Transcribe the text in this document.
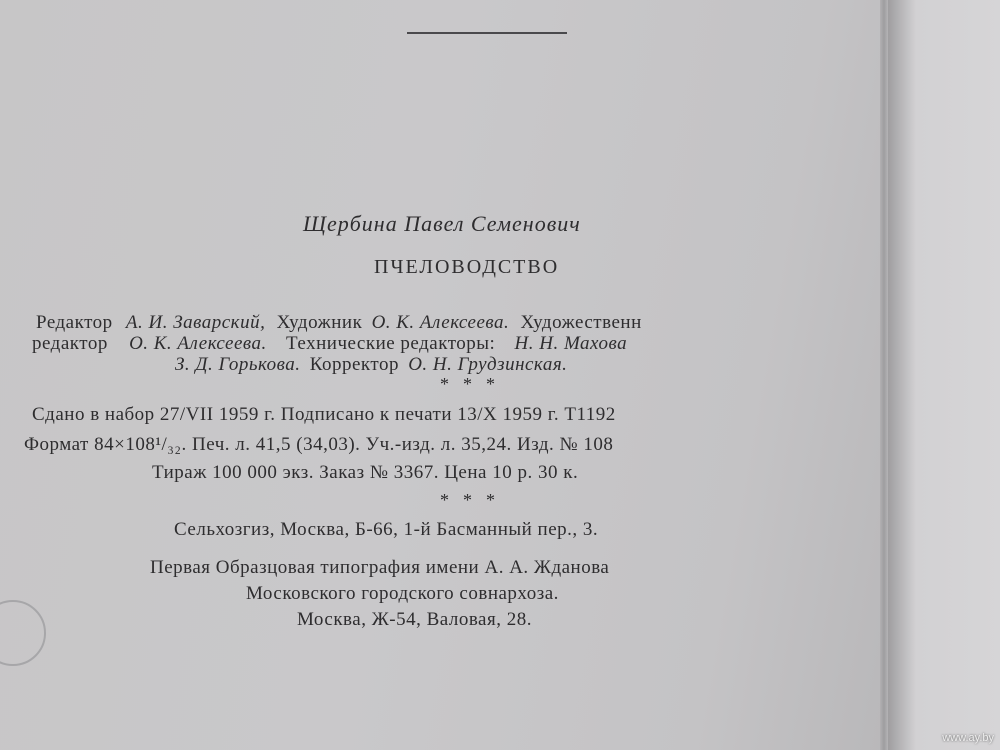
Щербина Павел Семенович
ПЧЕЛОВОДСТВО
Редактор А. И. Заварский, Художник О. К. Алексеева. Художественн
редактор О. К. Алексеева. Технические редакторы: Н. Н. Махова
З. Д. Горькова. Корректор О. Н. Грудзинская.
***
Сдано в набор 27/VII 1959 г. Подписано к печати 13/X 1959 г. Т1192
Формат 84×108¹/₃₂. Печ. л. 41,5 (34,03). Уч.-изд. л. 35,24. Изд. № 108
Тираж 100 000 экз. Заказ № 3367. Цена 10 р. 30 к.
***
Сельхозгиз, Москва, Б-66, 1-й Басманный пер., 3.
Первая Образцовая типография имени А. А. Жданова
Московского городского совнархоза.
Москва, Ж-54, Валовая, 28.
www.ay.by
